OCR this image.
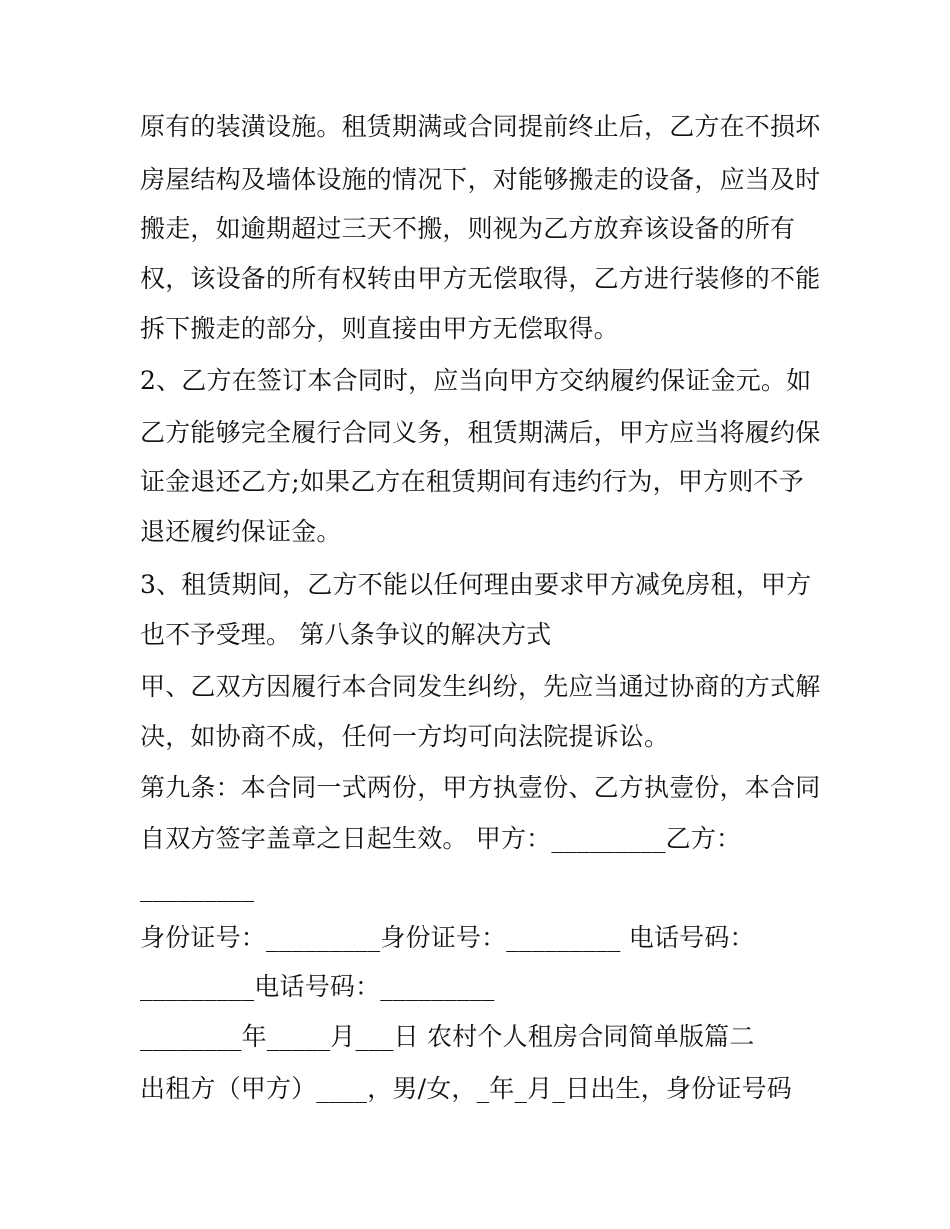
原有的装潢设施。租赁期满或合同提前终止后，乙方在不损坏
房屋结构及墙体设施的情况下，对能够搬走的设备，应当及时
搬走，如逾期超过三天不搬，则视为乙方放弃该设备的所有
权，该设备的所有权转由甲方无偿取得，乙方进行装修的不能
拆下搬走的部分，则直接由甲方无偿取得。
2、乙方在签订本合同时，应当向甲方交纳履约保证金元。如
乙方能够完全履行合同义务，租赁期满后，甲方应当将履约保
证金退还乙方;如果乙方在租赁期间有违约行为，甲方则不予
退还履约保证金。
3、租赁期间，乙方不能以任何理由要求甲方减免房租，甲方
也不予受理。 第八条争议的解决方式
甲、乙双方因履行本合同发生纠纷，先应当通过协商的方式解
决，如协商不成，任何一方均可向法院提诉讼。
第九条：本合同一式两份，甲方执壹份、乙方执壹份，本合同
自双方签字盖章之日起生效。 甲方：_________乙方：
_________
身份证号：_________身份证号：_________ 电话号码：
_________电话号码：_________
________年_____月___日 农村个人租房合同简单版篇二
出租方（甲方）____，男/女，_年_月_日出生，身份证号码
